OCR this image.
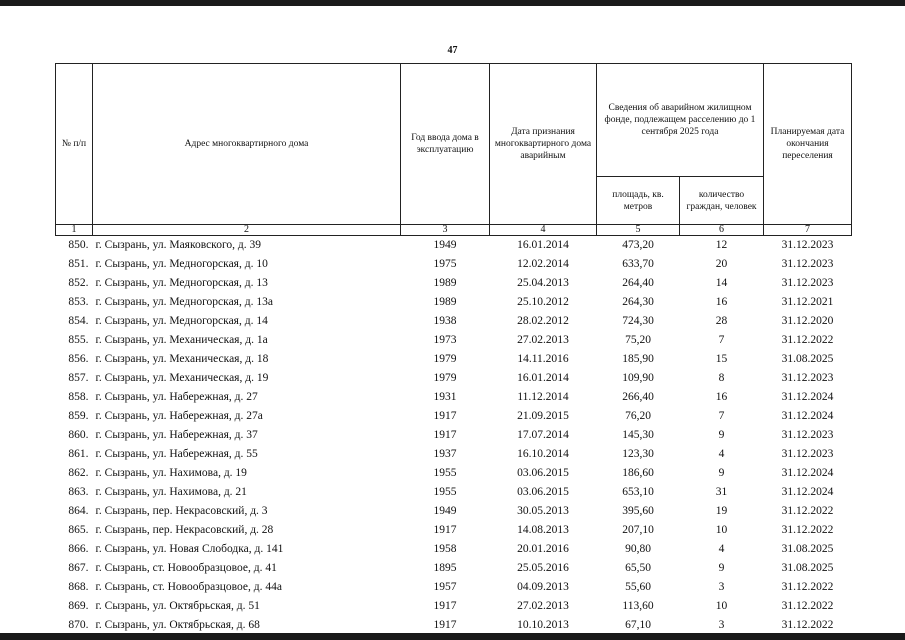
47
№ п/п	Адрес многоквартирного дома	Год ввода дома в эксплуатацию	Дата признания многоквартирного дома аварийным	Сведения об аварийном жилищном фонде, подлежащем расселению до 1 сентября 2025 года		Планируемая дата окончания переселения
				площадь, кв. метров	количество граждан, человек	
1	2	3	4	5	6	7
850.	г. Сызрань, ул. Маяковского, д. 39	1949	16.01.2014	473,20	12	31.12.2023
851.	г. Сызрань, ул. Медногорская, д. 10	1975	12.02.2014	633,70	20	31.12.2023
852.	г. Сызрань, ул. Медногорская, д. 13	1989	25.04.2013	264,40	14	31.12.2023
853.	г. Сызрань, ул. Медногорская, д. 13а	1989	25.10.2012	264,30	16	31.12.2021
854.	г. Сызрань, ул. Медногорская, д. 14	1938	28.02.2012	724,30	28	31.12.2020
855.	г. Сызрань, ул. Механическая, д. 1а	1973	27.02.2013	75,20	7	31.12.2022
856.	г. Сызрань, ул. Механическая, д. 18	1979	14.11.2016	185,90	15	31.08.2025
857.	г. Сызрань, ул. Механическая, д. 19	1979	16.01.2014	109,90	8	31.12.2023
858.	г. Сызрань, ул. Набережная, д. 27	1931	11.12.2014	266,40	16	31.12.2024
859.	г. Сызрань, ул. Набережная, д. 27а	1917	21.09.2015	76,20	7	31.12.2024
860.	г. Сызрань, ул. Набережная, д. 37	1917	17.07.2014	145,30	9	31.12.2023
861.	г. Сызрань, ул. Набережная, д. 55	1937	16.10.2014	123,30	4	31.12.2023
862.	г. Сызрань, ул. Нахимова, д. 19	1955	03.06.2015	186,60	9	31.12.2024
863.	г. Сызрань, ул. Нахимова, д. 21	1955	03.06.2015	653,10	31	31.12.2024
864.	г. Сызрань, пер. Некрасовский, д. 3	1949	30.05.2013	395,60	19	31.12.2022
865.	г. Сызрань, пер. Некрасовский, д. 28	1917	14.08.2013	207,10	10	31.12.2022
866.	г. Сызрань, ул. Новая Слободка, д. 141	1958	20.01.2016	90,80	4	31.08.2025
867.	г. Сызрань, ст. Новообразцовое, д. 41	1895	25.05.2016	65,50	9	31.08.2025
868.	г. Сызрань, ст. Новообразцовое, д. 44а	1957	04.09.2013	55,60	3	31.12.2022
869.	г. Сызрань, ул. Октябрьская, д. 51	1917	27.02.2013	113,60	10	31.12.2022
870.	г. Сызрань, ул. Октябрьская, д. 68	1917	10.10.2013	67,10	3	31.12.2022
